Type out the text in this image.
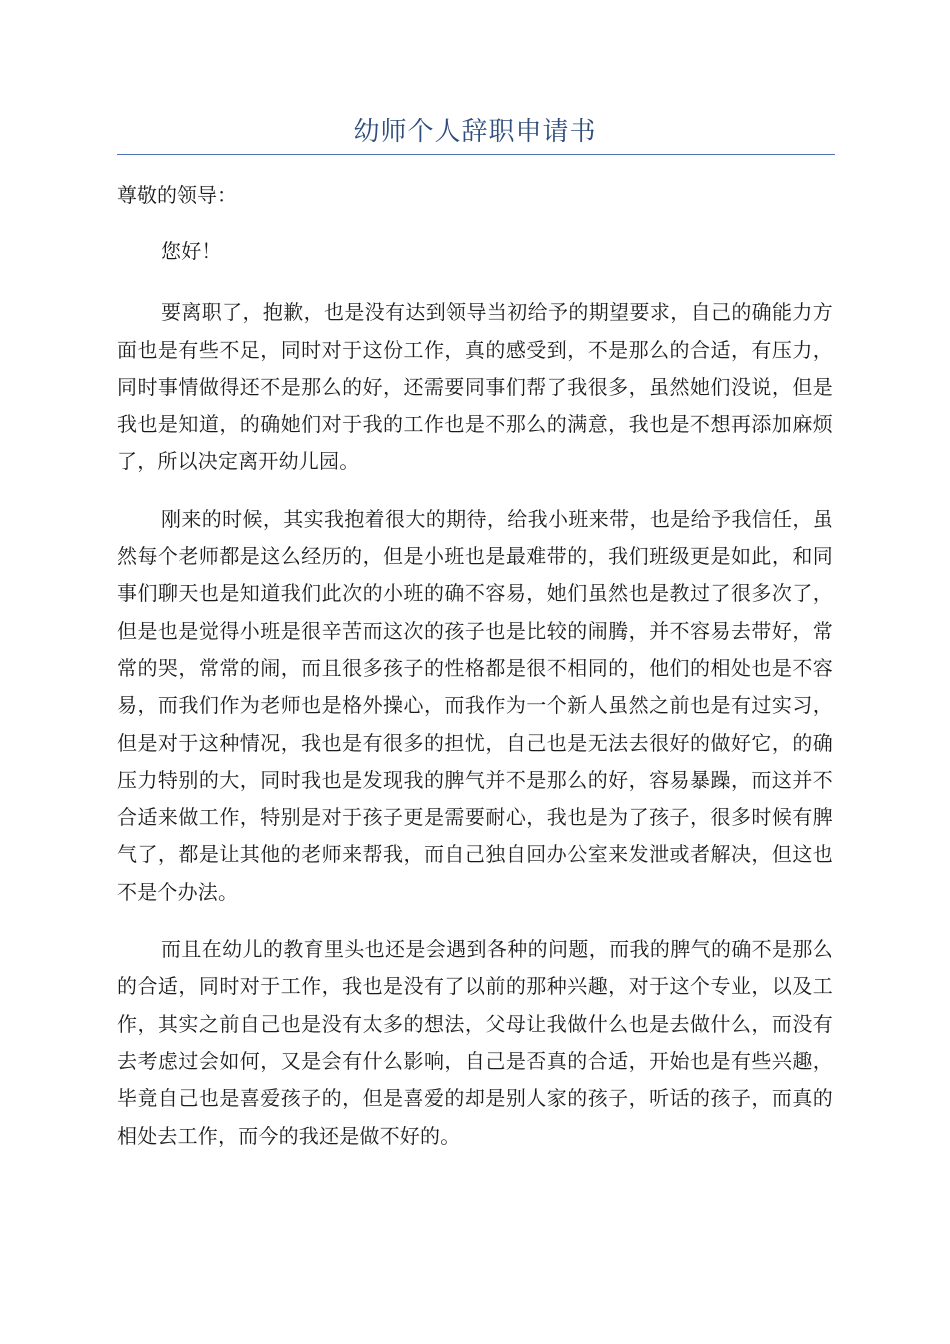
幼师个人辞职申请书

尊敬的领导：

您好！

要离职了，抱歉，也是没有达到领导当初给予的期望要求，自己的确能力方面也是有些不足，同时对于这份工作，真的感受到，不是那么的合适，有压力，同时事情做得还不是那么的好，还需要同事们帮了我很多，虽然她们没说，但是我也是知道，的确她们对于我的工作也是不那么的满意，我也是不想再添加麻烦了，所以决定离开幼儿园。

刚来的时候，其实我抱着很大的期待，给我小班来带，也是给予我信任，虽然每个老师都是这么经历的，但是小班也是最难带的，我们班级更是如此，和同事们聊天也是知道我们此次的小班的确不容易，她们虽然也是教过了很多次了，但是也是觉得小班是很辛苦而这次的孩子也是比较的闹腾，并不容易去带好，常常的哭，常常的闹，而且很多孩子的性格都是很不相同的，他们的相处也是不容易，而我们作为老师也是格外操心，而我作为一个新人虽然之前也是有过实习，但是对于这种情况，我也是有很多的担忧，自己也是无法去很好的做好它，的确压力特别的大，同时我也是发现我的脾气并不是那么的好，容易暴躁，而这并不合适来做工作，特别是对于孩子更是需要耐心，我也是为了孩子，很多时候有脾气了，都是让其他的老师来帮我，而自己独自回办公室来发泄或者解决，但这也不是个办法。

而且在幼儿的教育里头也还是会遇到各种的问题，而我的脾气的确不是那么的合适，同时对于工作，我也是没有了以前的那种兴趣，对于这个专业，以及工作，其实之前自己也是没有太多的想法，父母让我做什么也是去做什么，而没有去考虑过会如何，又是会有什么影响，自己是否真的合适，开始也是有些兴趣，毕竟自己也是喜爱孩子的，但是喜爱的却是别人家的孩子，听话的孩子，而真的相处去工作，而今的我还是做不好的。
